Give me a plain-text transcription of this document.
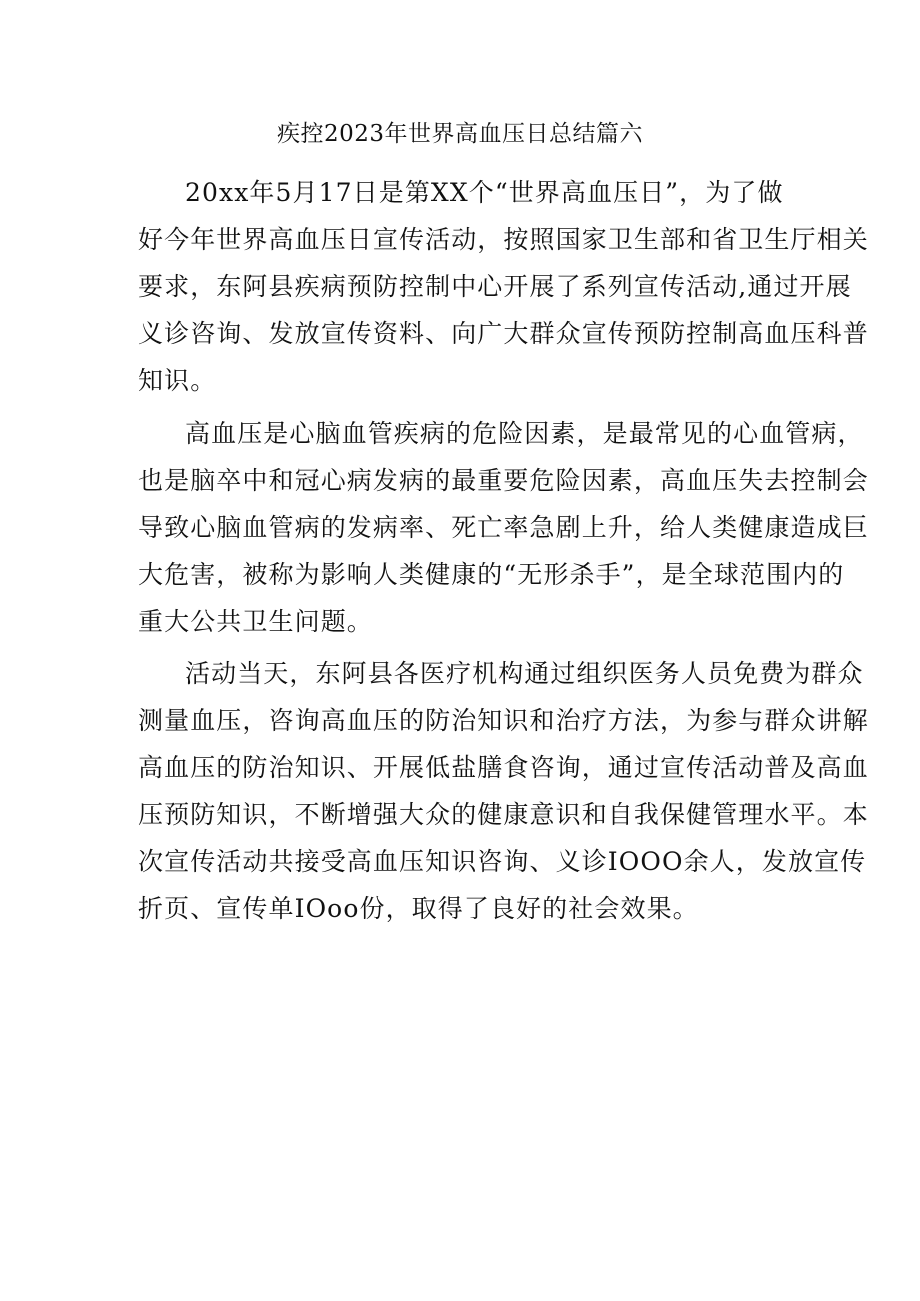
疾控2023年世界高血压日总结篇六
20xx年5月17日是第XX个“世界高血压日”，为了做
好今年世界高血压日宣传活动，按照国家卫生部和省卫生厅相关
要求，东阿县疾病预防控制中心开展了系列宣传活动,通过开展
义诊咨询、发放宣传资料、向广大群众宣传预防控制高血压科普
知识。
高血压是心脑血管疾病的危险因素，是最常见的心血管病，
也是脑卒中和冠心病发病的最重要危险因素，高血压失去控制会
导致心脑血管病的发病率、死亡率急剧上升，给人类健康造成巨
大危害，被称为影响人类健康的“无形杀手”，是全球范围内的
重大公共卫生问题。
活动当天，东阿县各医疗机构通过组织医务人员免费为群众
测量血压，咨询高血压的防治知识和治疗方法，为参与群众讲解
高血压的防治知识、开展低盐膳食咨询，通过宣传活动普及高血
压预防知识，不断增强大众的健康意识和自我保健管理水平。本
次宣传活动共接受高血压知识咨询、义诊IOOO余人，发放宣传
折页、宣传单IOoo份，取得了良好的社会效果。
